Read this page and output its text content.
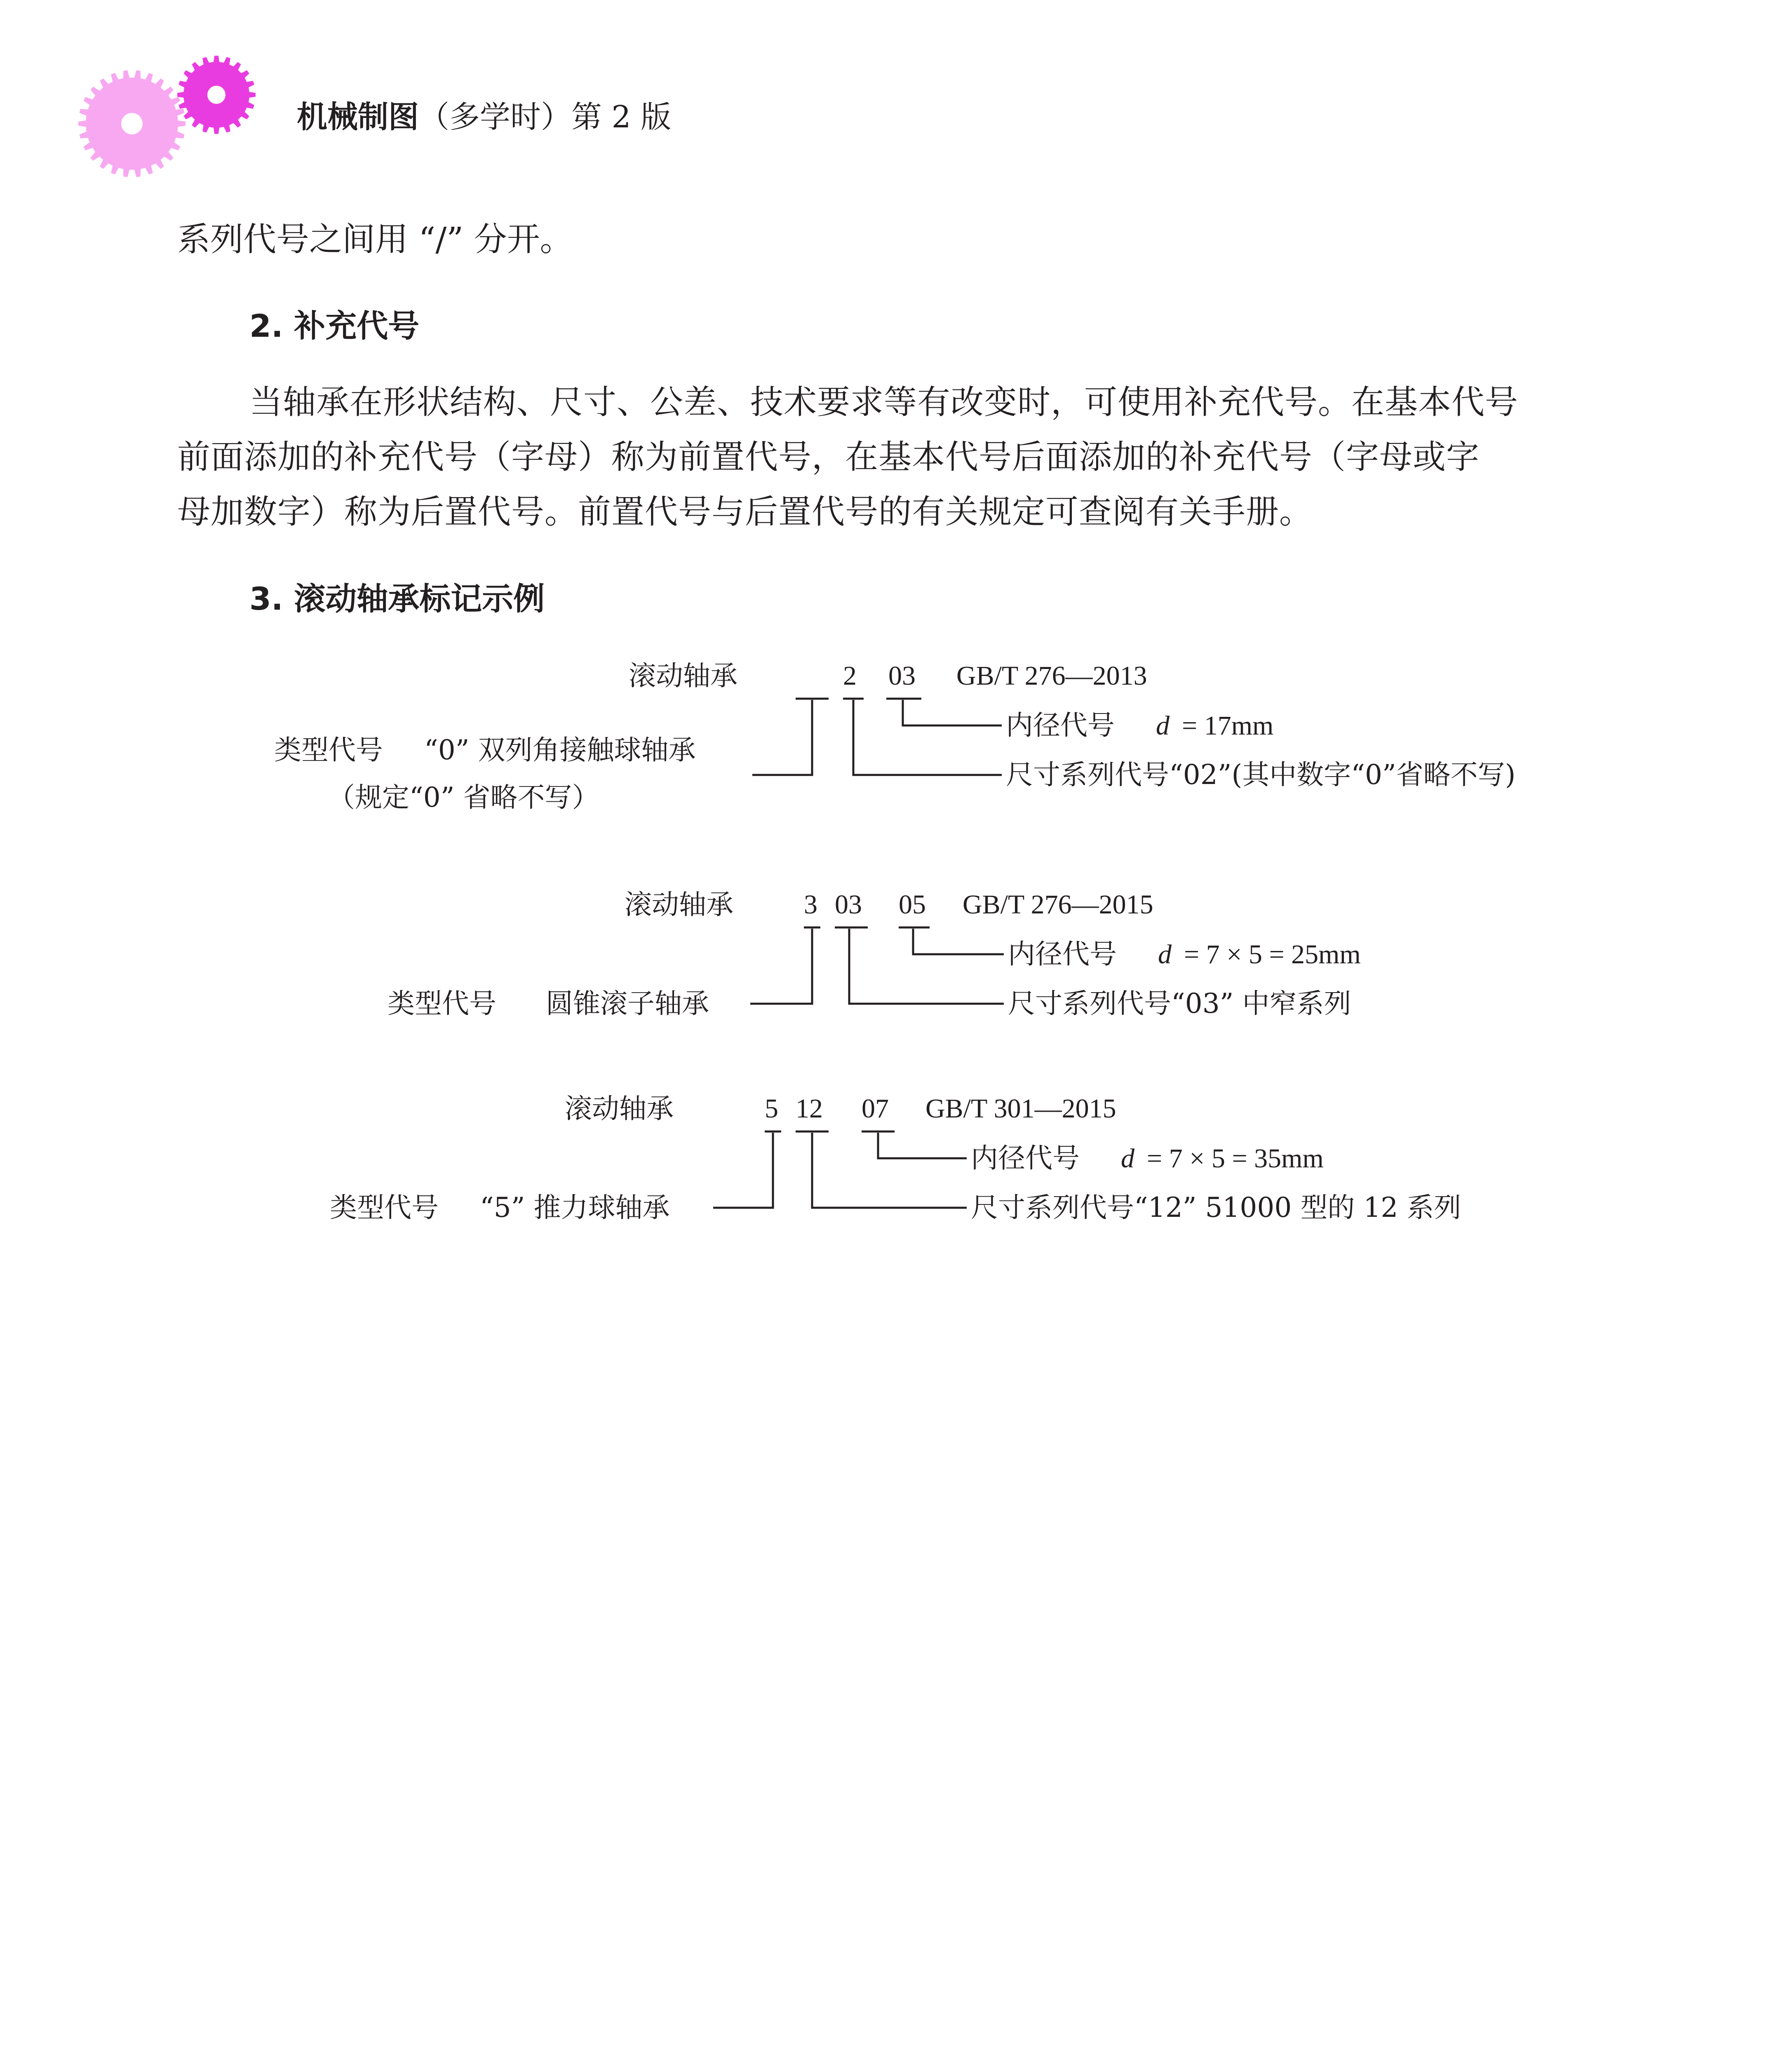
机械制图（多学时）第 2 版
系列代号之间用 “/” 分开。
2. 补充代号
当轴承在形状结构、尺寸、公差、技术要求等有改变时，可使用补充代号。在基本代号
前面添加的补充代号（字母）称为前置代号，在基本代号后面添加的补充代号（字母或字
母加数字）称为后置代号。前置代号与后置代号的有关规定可查阅有关手册。
3. 滚动轴承标记示例
滚动轴承	2 03 GB/T 276—2013
内径代号 d = 17mm
尺寸系列代号“02”(其中数字“0”省略不写)
类型代号 “0” 双列角接触球轴承
（规定“0” 省略不写）
滚动轴承	3 03 05 GB/T 276—2015
内径代号 d = 7 × 5 = 25mm
尺寸系列代号“03” 中窄系列
类型代号 圆锥滚子轴承
滚动轴承	5 12 07 GB/T 301—2015
内径代号 d = 7 × 5 = 35mm
尺寸系列代号“12” 51000 型的 12 系列
类型代号 “5” 推力球轴承
